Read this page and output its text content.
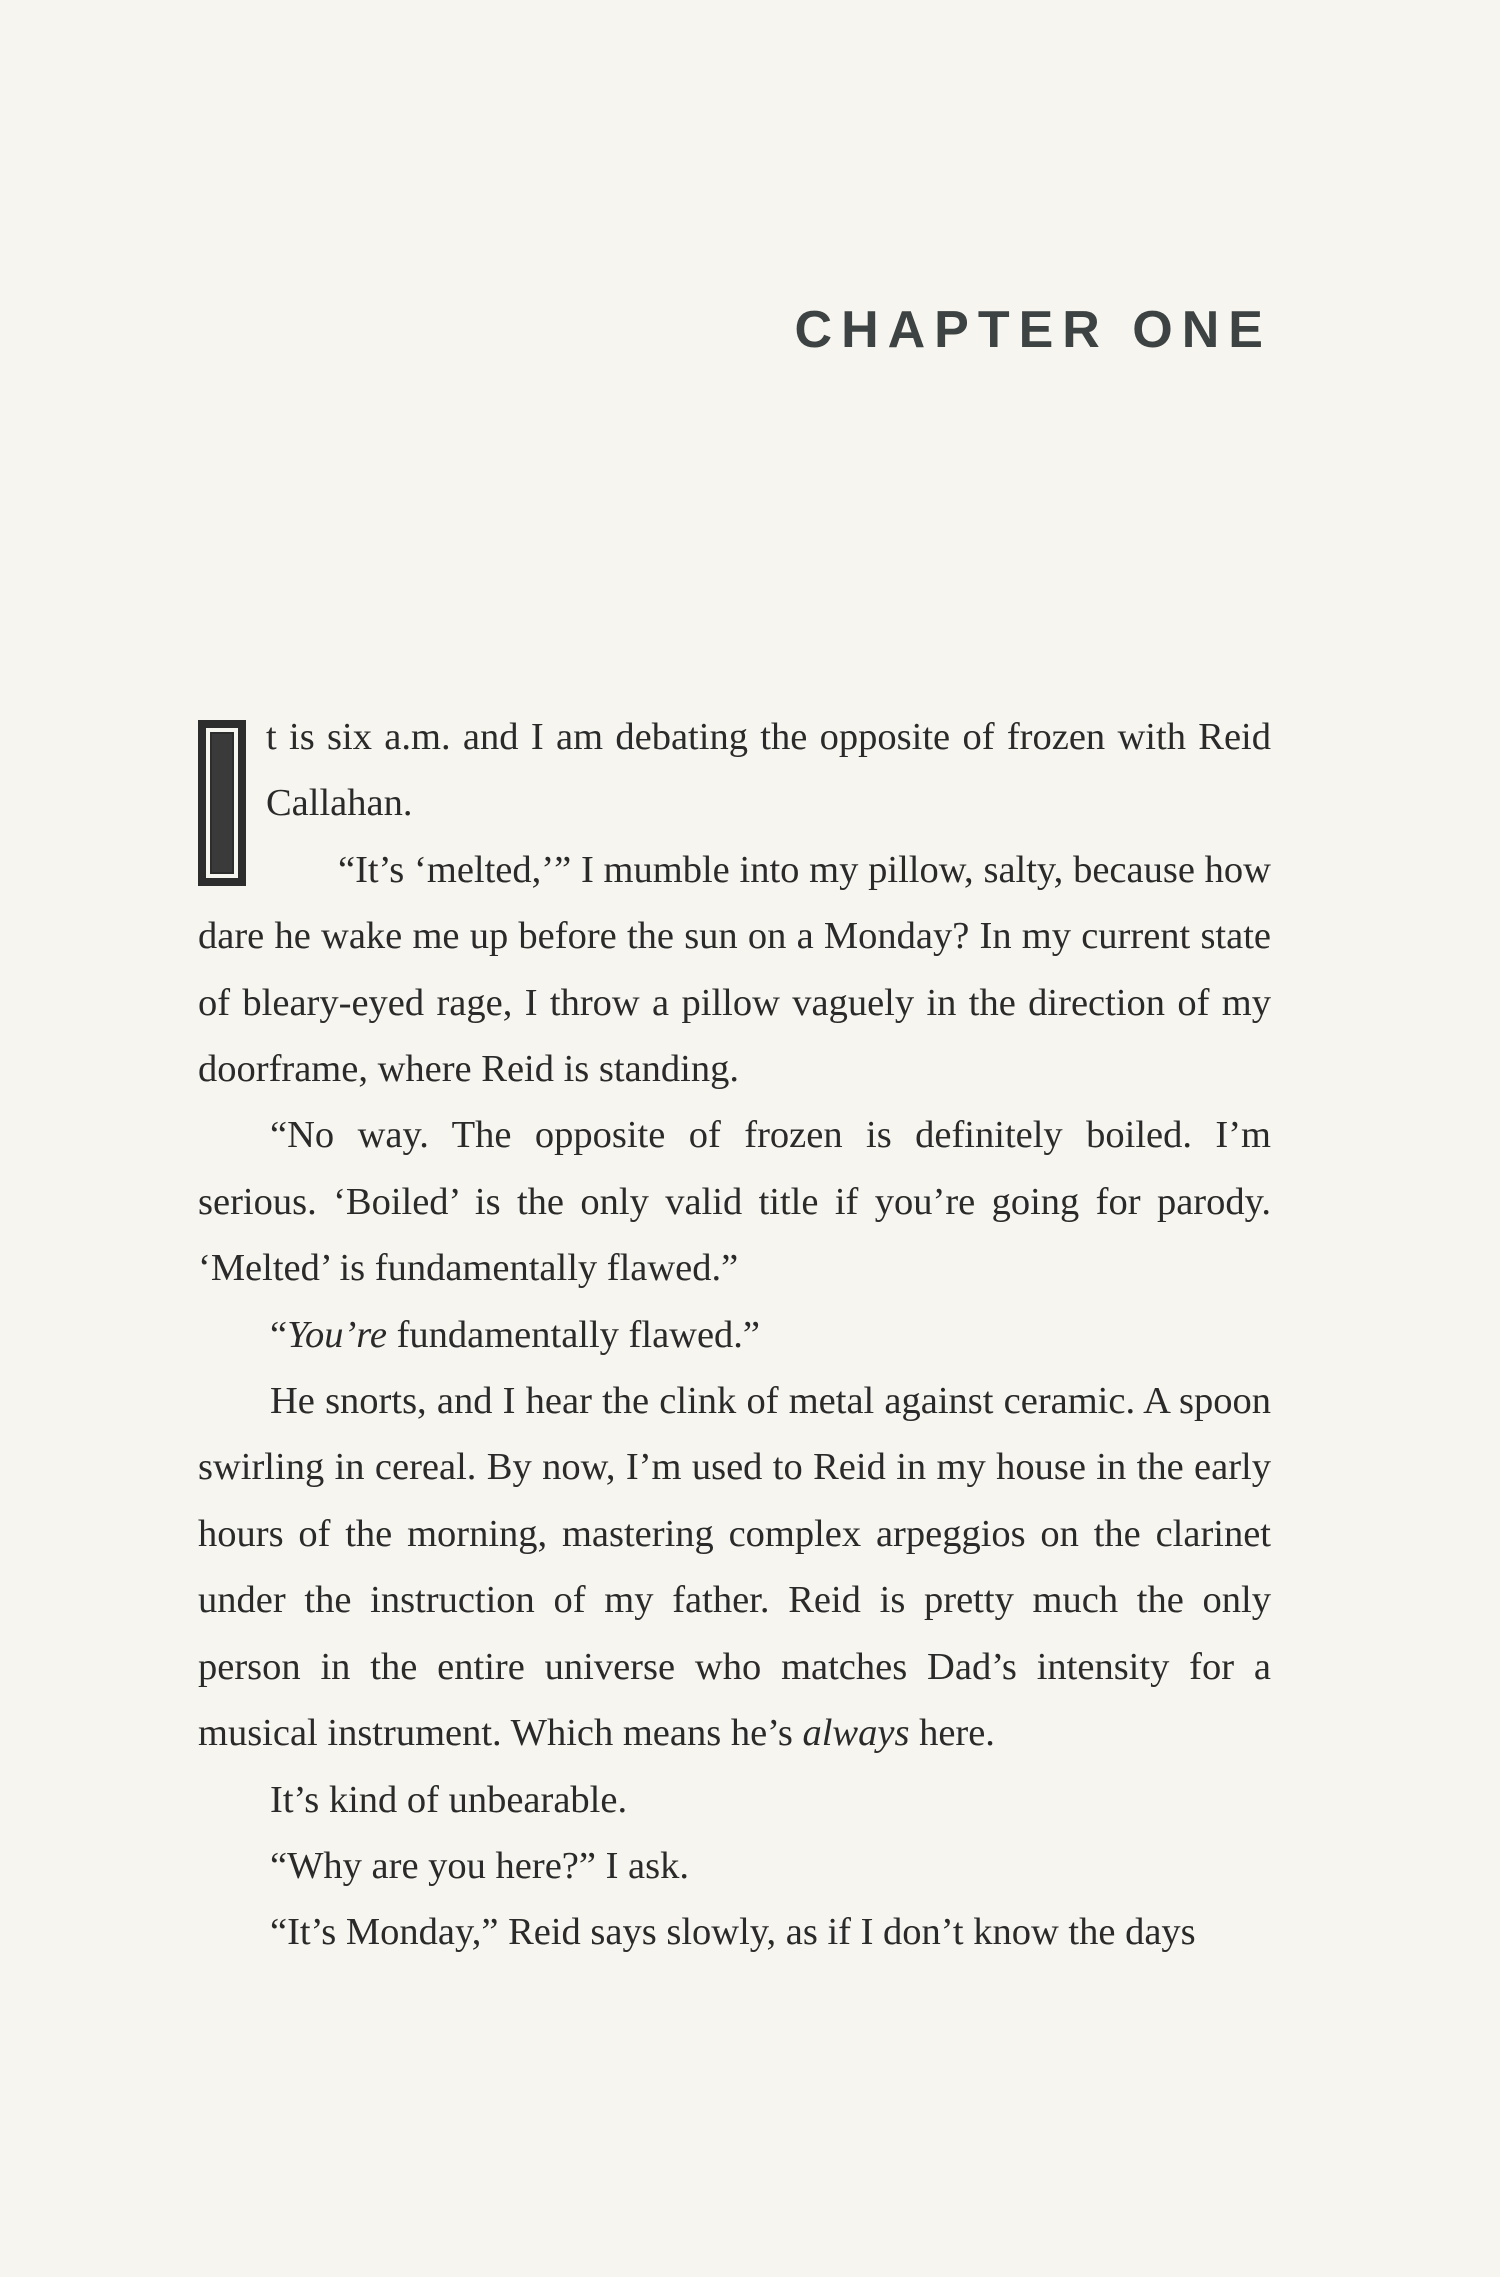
CHAPTER ONE

t is six a.m. and I am debating the opposite of frozen with Reid Callahan.

“It’s ‘melted,’” I mumble into my pillow, salty, because how dare he wake me up before the sun on a Monday? In my current state of bleary-eyed rage, I throw a pillow vaguely in the direction of my doorframe, where Reid is standing.

“No way. The opposite of frozen is definitely boiled. I’m serious. ‘Boiled’ is the only valid title if you’re going for parody. ‘Melted’ is fundamentally flawed.”

“You’re fundamentally flawed.”

He snorts, and I hear the clink of metal against ceramic. A spoon swirling in cereal. By now, I’m used to Reid in my house in the early hours of the morning, mastering complex arpeggios on the clarinet under the instruction of my father. Reid is pretty much the only person in the entire universe who matches Dad’s intensity for a musical instrument. Which means he’s always here.

It’s kind of unbearable.

“Why are you here?” I ask.

“It’s Monday,” Reid says slowly, as if I don’t know the days
